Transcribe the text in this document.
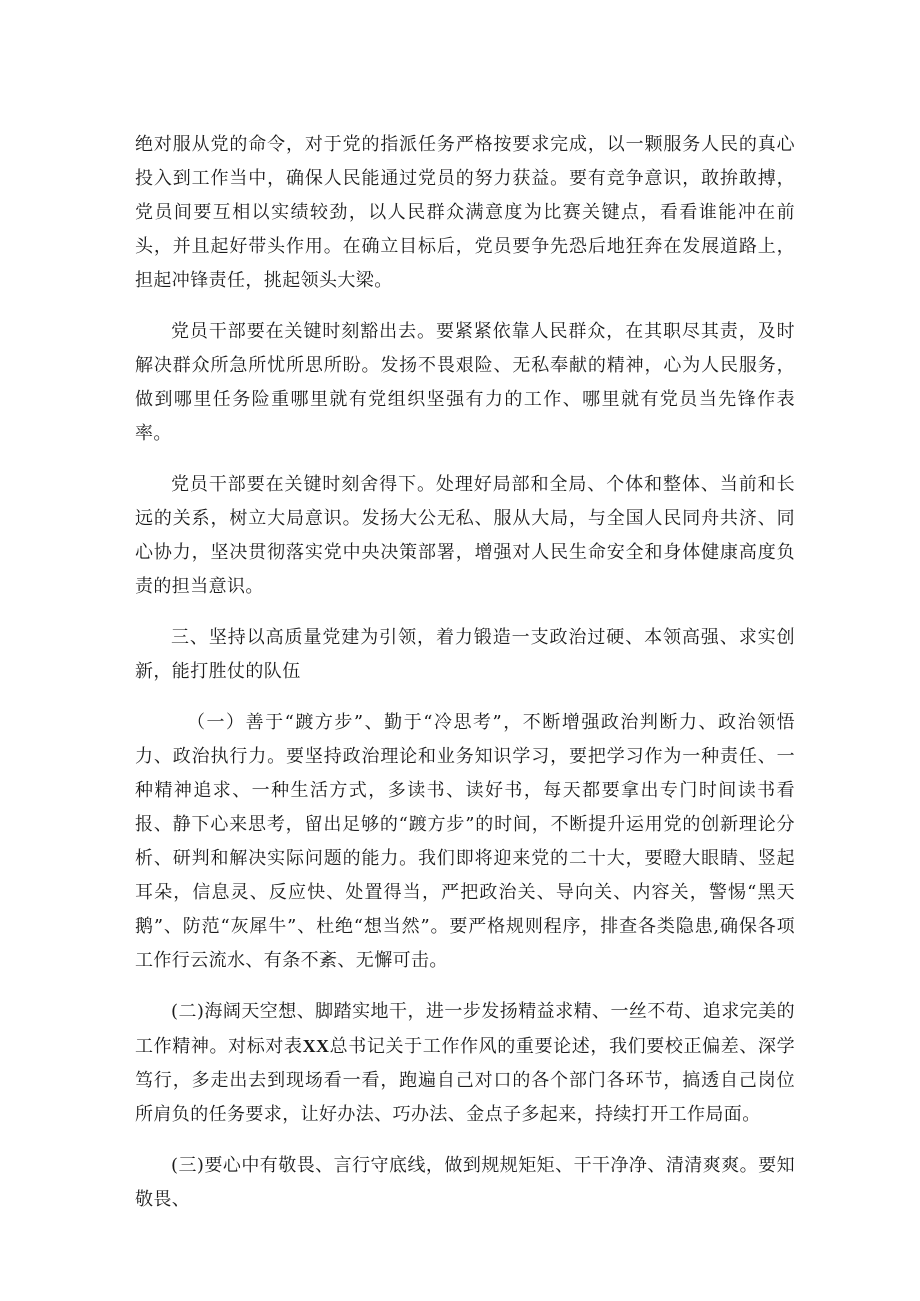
绝对服从党的命令，对于党的指派任务严格按要求完成，以一颗服务人民的真心投入到工作当中，确保人民能通过党员的努力获益。要有竞争意识，敢拚敢搏，党员间要互相以实绩较劲，以人民群众满意度为比赛关键点，看看谁能冲在前头，并且起好带头作用。在确立目标后，党员要争先恐后地狂奔在发展道路上，担起冲锋责任，挑起领头大梁。

党员干部要在关键时刻豁出去。要紧紧依靠人民群众，在其职尽其责，及时解决群众所急所忧所思所盼。发扬不畏艰险、无私奉献的精神，心为人民服务，做到哪里任务险重哪里就有党组织坚强有力的工作、哪里就有党员当先锋作表率。

党员干部要在关键时刻舍得下。处理好局部和全局、个体和整体、当前和长远的关系，树立大局意识。发扬大公无私、服从大局，与全国人民同舟共济、同心协力，坚决贯彻落实党中央决策部署，增强对人民生命安全和身体健康高度负责的担当意识。

三、坚持以高质量党建为引领，着力锻造一支政治过硬、本领高强、求实创新，能打胜仗的队伍

（一）善于“踱方步”、勤于“冷思考”，不断增强政治判断力、政治领悟力、政治执行力。要坚持政治理论和业务知识学习，要把学习作为一种责任、一种精神追求、一种生活方式，多读书、读好书，每天都要拿出专门时间读书看报、静下心来思考，留出足够的“踱方步”的时间，不断提升运用党的创新理论分析、研判和解决实际问题的能力。我们即将迎来党的二十大，要瞪大眼睛、竖起耳朵，信息灵、反应快、处置得当，严把政治关、导向关、内容关，警惕“黑天鹅”、防范“灰犀牛”、杜绝“想当然”。要严格规则程序，排查各类隐患,确保各项工作行云流水、有条不紊、无懈可击。

(二)海阔天空想、脚踏实地干，进一步发扬精益求精、一丝不苟、追求完美的工作精神。对标对表XX总书记关于工作作风的重要论述，我们要校正偏差、深学笃行，多走出去到现场看一看，跑遍自己对口的各个部门各环节，搞透自己岗位所肩负的任务要求，让好办法、巧办法、金点子多起来，持续打开工作局面。

(三)要心中有敬畏、言行守底线，做到规规矩矩、干干净净、清清爽爽。要知敬畏、
